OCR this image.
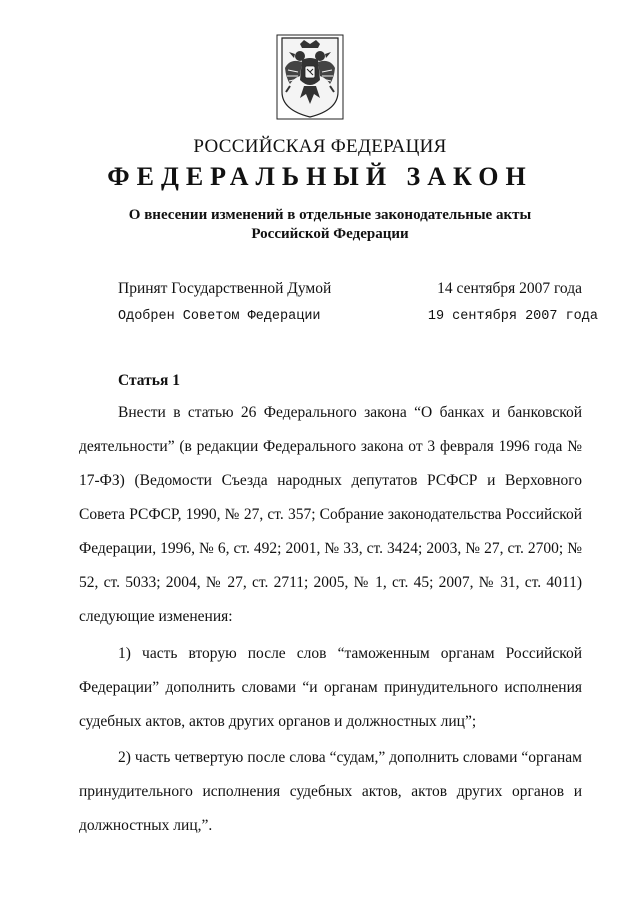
РОССИЙСКАЯ ФЕДЕРАЦИЯ
ФЕДЕРАЛЬНЫЙ ЗАКОН
О внесении изменений в отдельные законодательные акты
Российской Федерации
Принят Государственной Думой	14 сентября 2007 года
Одобрен Советом Федерации	19 сентября 2007 года
Статья 1

Внести в статью 26 Федерального закона “О банках и банковской деятельности” (в редакции Федерального закона от 3 февраля 1996 года № 17-ФЗ) (Ведомости Съезда народных депутатов РСФСР и Верховного Совета РСФСР, 1990, № 27, ст. 357; Собрание законодательства Российской Федерации, 1996, № 6, ст. 492; 2001, № 33, ст. 3424; 2003, № 27, ст. 2700; № 52, ст. 5033; 2004, № 27, ст. 2711; 2005, № 1, ст. 45; 2007, № 31, ст. 4011) следующие изменения:

1) часть вторую после слов “таможенным органам Российской Федерации” дополнить словами “и органам принудительного исполнения судебных актов, актов других органов и должностных лиц”;

2) часть четвертую после слова “судам,” дополнить словами “органам принудительного исполнения судебных актов, актов других органов и должностных лиц,”.
